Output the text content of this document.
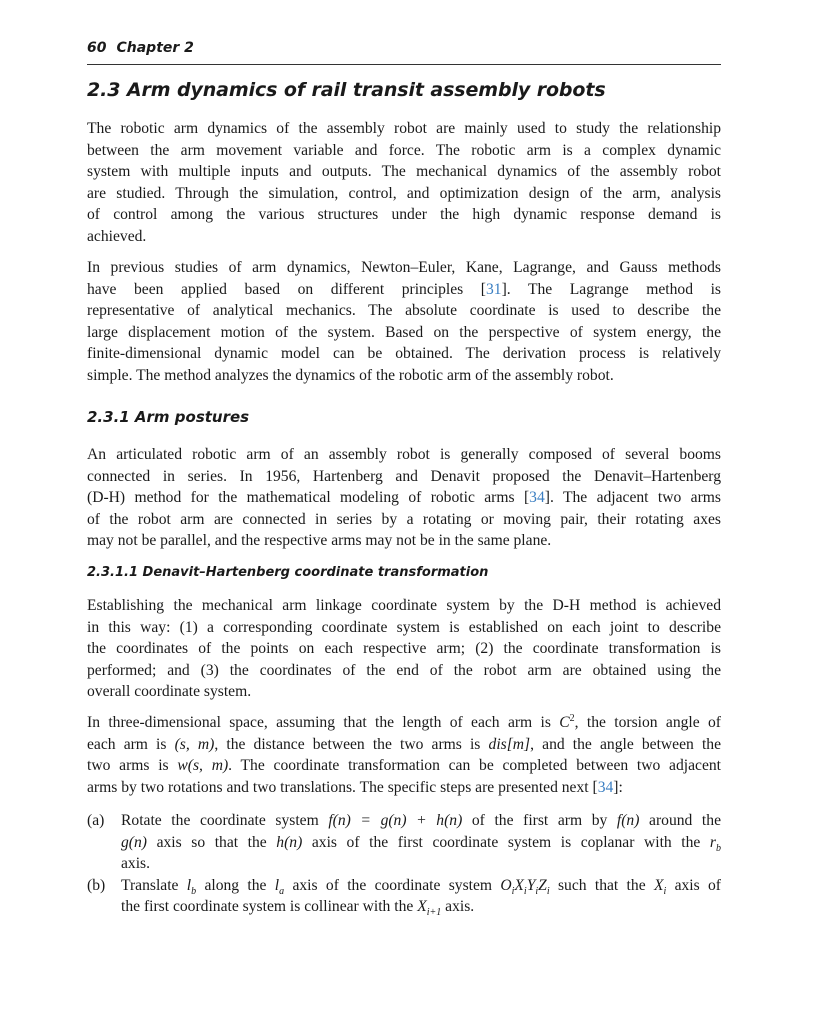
60 Chapter 2
2.3 Arm dynamics of rail transit assembly robots
The robotic arm dynamics of the assembly robot are mainly used to study the relationship
between the arm movement variable and force. The robotic arm is a complex dynamic
system with multiple inputs and outputs. The mechanical dynamics of the assembly robot
are studied. Through the simulation, control, and optimization design of the arm, analysis
of control among the various structures under the high dynamic response demand is
achieved.
In previous studies of arm dynamics, Newton–Euler, Kane, Lagrange, and Gauss methods
have been applied based on different principles [31]. The Lagrange method is
representative of analytical mechanics. The absolute coordinate is used to describe the
large displacement motion of the system. Based on the perspective of system energy, the
finite-dimensional dynamic model can be obtained. The derivation process is relatively
simple. The method analyzes the dynamics of the robotic arm of the assembly robot.
2.3.1 Arm postures
An articulated robotic arm of an assembly robot is generally composed of several booms
connected in series. In 1956, Hartenberg and Denavit proposed the Denavit–Hartenberg
(D-H) method for the mathematical modeling of robotic arms [34]. The adjacent two arms
of the robot arm are connected in series by a rotating or moving pair, their rotating axes
may not be parallel, and the respective arms may not be in the same plane.
2.3.1.1 Denavit–Hartenberg coordinate transformation
Establishing the mechanical arm linkage coordinate system by the D-H method is achieved
in this way: (1) a corresponding coordinate system is established on each joint to describe
the coordinates of the points on each respective arm; (2) the coordinate transformation is
performed; and (3) the coordinates of the end of the robot arm are obtained using the
overall coordinate system.
In three-dimensional space, assuming that the length of each arm is $C^2$, the torsion angle of
each arm is (s, m), the distance between the two arms is dis[m], and the angle between the
two arms is w(s, m). The coordinate transformation can be completed between two adjacent
arms by two rotations and two translations. The specific steps are presented next [34]:
(a) Rotate the coordinate system f(n) = g(n) + h(n) of the first arm by f(n) around the
g(n) axis so that the h(n) axis of the first coordinate system is coplanar with the $r_b$
axis.
(b) Translate $l_b$ along the $l_a$ axis of the coordinate system $O_iX_iY_iZ_i$ such that the $X_i$ axis of
the first coordinate system is collinear with the $X_{i+1}$ axis.
